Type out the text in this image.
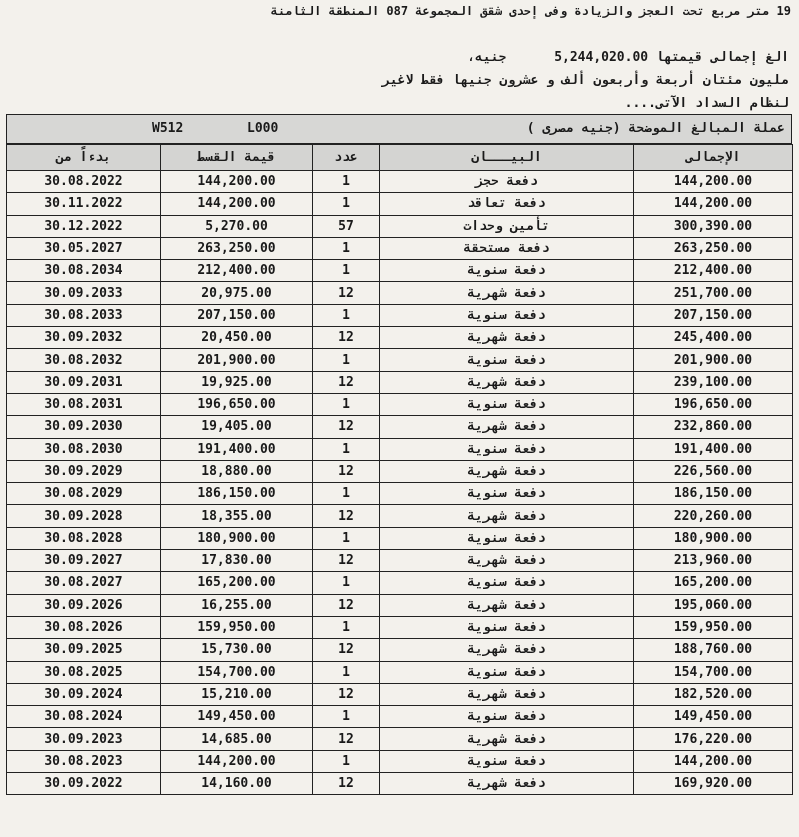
19 متر مربع تحت العجز والزيادة وفى إحدى شقق المجموعة 087 المنطقة الثامنة
الغ إجمالى قيمتها 5,244,020.00 جنيه،
مليون مئتان أربعة وأربعون ألف و عشرون جنيها فقط لاغير
لنظام السداد الآتى....
W512	L000	عملة المبالغ الموضحة (جنيه مصرى )
بدءاً من	قيمة القسط	عدد	البيـــان	الإجمالى
30.08.2022	144,200.00	1	دفعة حجز	144,200.00
30.11.2022	144,200.00	1	دفعة تعاقد	144,200.00
30.12.2022	5,270.00	57	تأمين وحدات	300,390.00
30.05.2027	263,250.00	1	دفعة مستحقة	263,250.00
30.08.2034	212,400.00	1	دفعة سنوية	212,400.00
30.09.2033	20,975.00	12	دفعة شهرية	251,700.00
30.08.2033	207,150.00	1	دفعة سنوية	207,150.00
30.09.2032	20,450.00	12	دفعة شهرية	245,400.00
30.08.2032	201,900.00	1	دفعة سنوية	201,900.00
30.09.2031	19,925.00	12	دفعة شهرية	239,100.00
30.08.2031	196,650.00	1	دفعة سنوية	196,650.00
30.09.2030	19,405.00	12	دفعة شهرية	232,860.00
30.08.2030	191,400.00	1	دفعة سنوية	191,400.00
30.09.2029	18,880.00	12	دفعة شهرية	226,560.00
30.08.2029	186,150.00	1	دفعة سنوية	186,150.00
30.09.2028	18,355.00	12	دفعة شهرية	220,260.00
30.08.2028	180,900.00	1	دفعة سنوية	180,900.00
30.09.2027	17,830.00	12	دفعة شهرية	213,960.00
30.08.2027	165,200.00	1	دفعة سنوية	165,200.00
30.09.2026	16,255.00	12	دفعة شهرية	195,060.00
30.08.2026	159,950.00	1	دفعة سنوية	159,950.00
30.09.2025	15,730.00	12	دفعة شهرية	188,760.00
30.08.2025	154,700.00	1	دفعة سنوية	154,700.00
30.09.2024	15,210.00	12	دفعة شهرية	182,520.00
30.08.2024	149,450.00	1	دفعة سنوية	149,450.00
30.09.2023	14,685.00	12	دفعة شهرية	176,220.00
30.08.2023	144,200.00	1	دفعة سنوية	144,200.00
30.09.2022	14,160.00	12	دفعة شهرية	169,920.00
